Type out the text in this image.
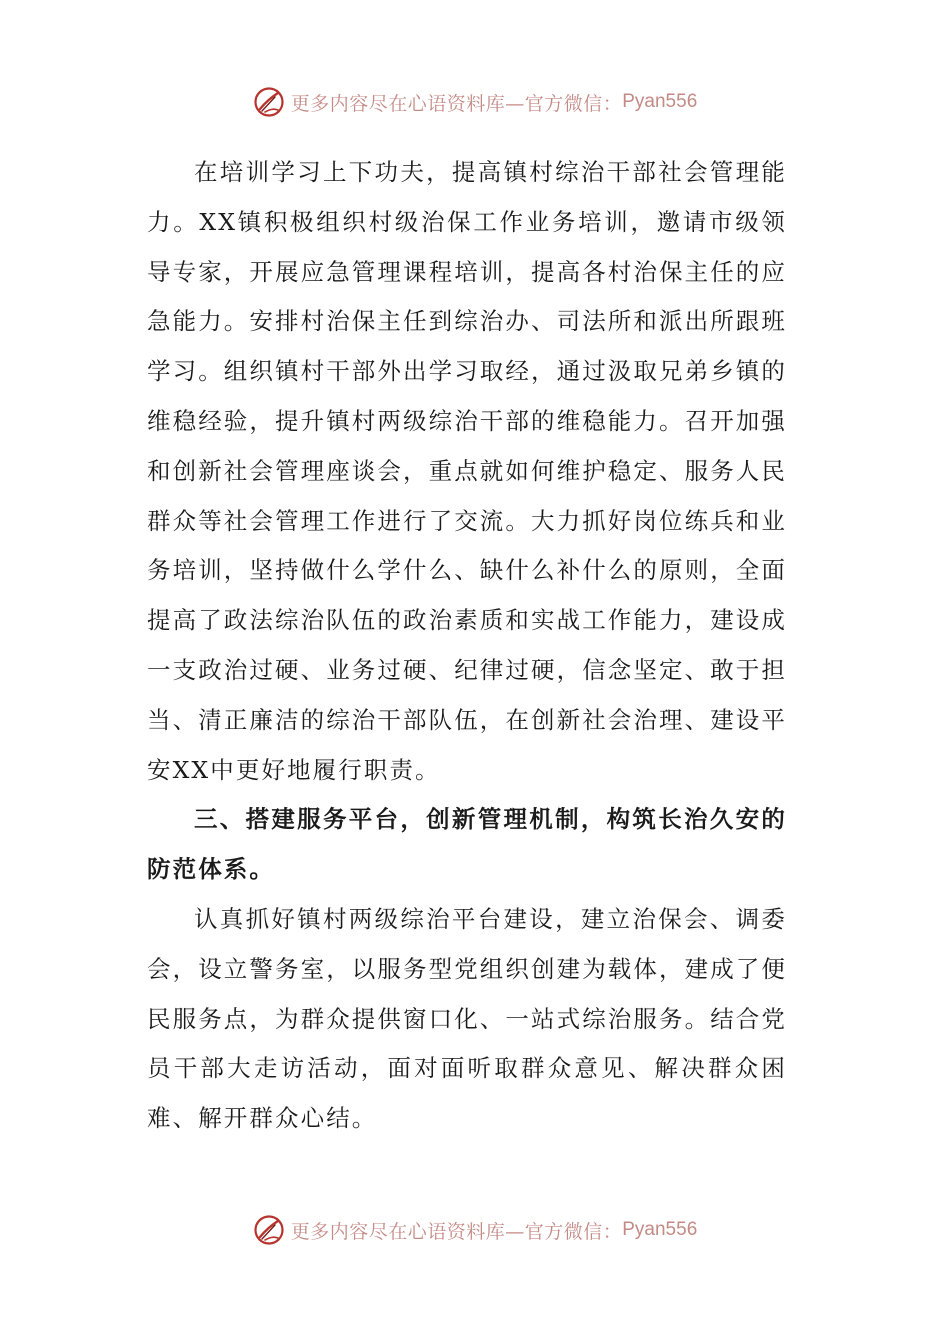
更多内容尽在心语资料库—官方微信： Pyan556

在培训学习上下功夫，提高镇村综治干部社会管理能力。XX镇积极组织村级治保工作业务培训，邀请市级领导专家，开展应急管理课程培训，提高各村治保主任的应急能力。安排村治保主任到综治办、司法所和派出所跟班学习。组织镇村干部外出学习取经，通过汲取兄弟乡镇的维稳经验，提升镇村两级综治干部的维稳能力。召开加强和创新社会管理座谈会，重点就如何维护稳定、服务人民群众等社会管理工作进行了交流。大力抓好岗位练兵和业务培训，坚持做什么学什么、缺什么补什么的原则，全面提高了政法综治队伍的政治素质和实战工作能力，建设成一支政治过硬、业务过硬、纪律过硬，信念坚定、敢于担当、清正廉洁的综治干部队伍，在创新社会治理、建设平安XX中更好地履行职责。

三、搭建服务平台，创新管理机制，构筑长治久安的防范体系。

认真抓好镇村两级综治平台建设，建立治保会、调委会，设立警务室，以服务型党组织创建为载体，建成了便民服务点，为群众提供窗口化、一站式综治服务。结合党员干部大走访活动，面对面听取群众意见、解决群众困难、解开群众心结。

更多内容尽在心语资料库—官方微信： Pyan556
